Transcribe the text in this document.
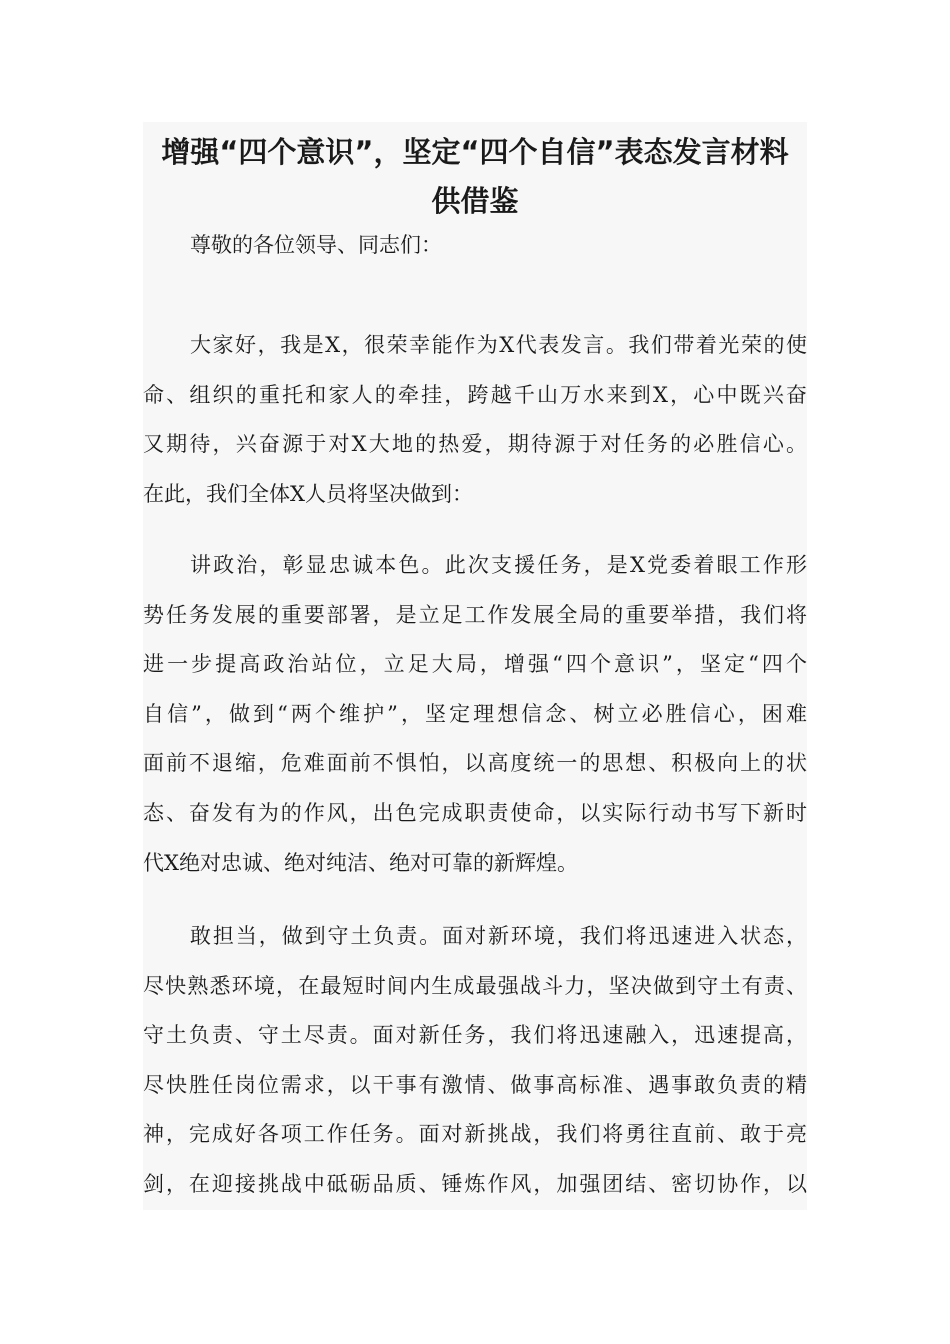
增强“四个意识”，坚定“四个自信”表态发言材料
供借鉴

尊敬的各位领导、同志们：

大家好，我是X，很荣幸能作为X代表发言。我们带着光荣的使
命、组织的重托和家人的牵挂，跨越千山万水来到X，心中既兴奋
又期待，兴奋源于对X大地的热爱，期待源于对任务的必胜信心。
在此，我们全体X人员将坚决做到：

讲政治，彰显忠诚本色。此次支援任务，是X党委着眼工作形
势任务发展的重要部署，是立足工作发展全局的重要举措，我们将
进一步提高政治站位，立足大局，增强“四个意识”，坚定“四个
自信”，做到“两个维护”，坚定理想信念、树立必胜信心，困难
面前不退缩，危难面前不惧怕，以高度统一的思想、积极向上的状
态、奋发有为的作风，出色完成职责使命，以实际行动书写下新时
代X绝对忠诚、绝对纯洁、绝对可靠的新辉煌。

敢担当，做到守土负责。面对新环境，我们将迅速进入状态，
尽快熟悉环境，在最短时间内生成最强战斗力，坚决做到守土有责、
守土负责、守土尽责。面对新任务，我们将迅速融入，迅速提高，
尽快胜任岗位需求，以干事有激情、做事高标准、遇事敢负责的精
神，完成好各项工作任务。面对新挑战，我们将勇往直前、敢于亮
剑，在迎接挑战中砥砺品质、锤炼作风，加强团结、密切协作，以
